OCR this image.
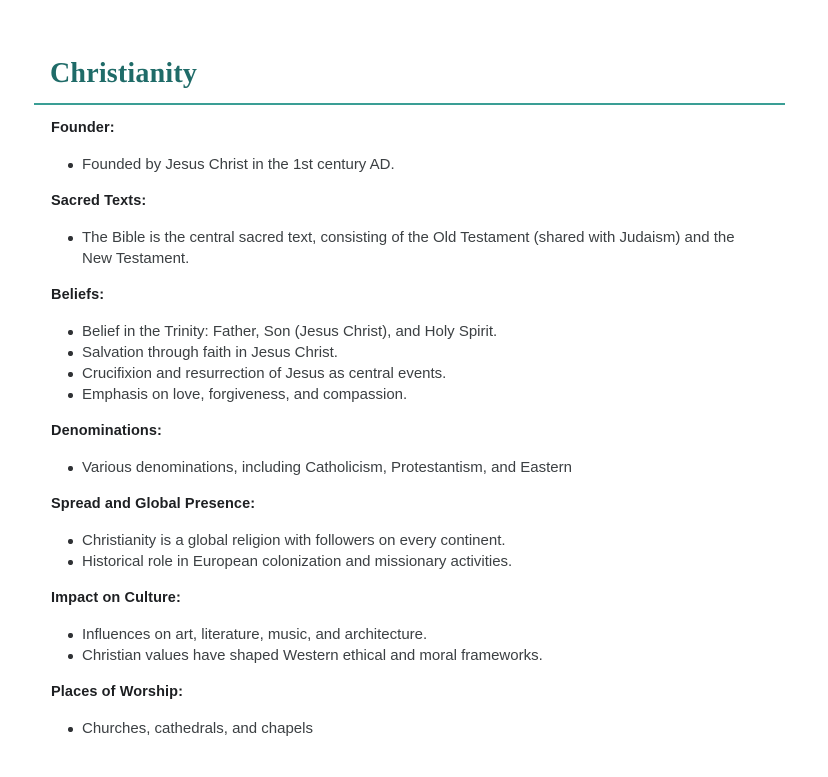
Christianity
Founder:
Founded by Jesus Christ in the 1st century AD.
Sacred Texts:
The Bible is the central sacred text, consisting of the Old Testament (shared with Judaism) and the New Testament.
Beliefs:
Belief in the Trinity: Father, Son (Jesus Christ), and Holy Spirit.
Salvation through faith in Jesus Christ.
Crucifixion and resurrection of Jesus as central events.
Emphasis on love, forgiveness, and compassion.
Denominations:
Various denominations, including Catholicism, Protestantism, and Eastern
Spread and Global Presence:
Christianity is a global religion with followers on every continent.
Historical role in European colonization and missionary activities.
Impact on Culture:
Influences on art, literature, music, and architecture.
Christian values have shaped Western ethical and moral frameworks.
Places of Worship:
Churches, cathedrals, and chapels
